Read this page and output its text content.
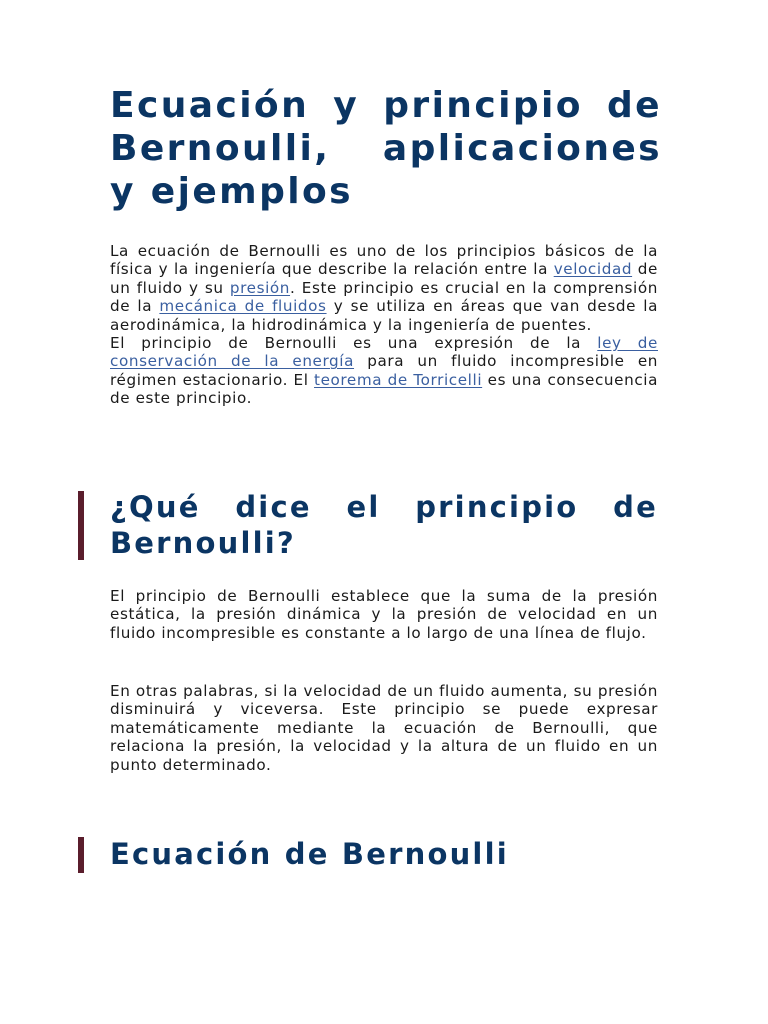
Ecuación y principio de Bernoulli, aplicaciones y ejemplos

La ecuación de Bernoulli es uno de los principios básicos de la física y la ingeniería que describe la relación entre la velocidad de un fluido y su presión. Este principio es crucial en la comprensión de la mecánica de fluidos y se utiliza en áreas que van desde la aerodinámica, la hidrodinámica y la ingeniería de puentes.
El principio de Bernoulli es una expresión de la ley de conservación de la energía para un fluido incompresible en régimen estacionario. El teorema de Torricelli es una consecuencia de este principio.

¿Qué dice el principio de Bernoulli?

El principio de Bernoulli establece que la suma de la presión estática, la presión dinámica y la presión de velocidad en un fluido incompresible es constante a lo largo de una línea de flujo.

En otras palabras, si la velocidad de un fluido aumenta, su presión disminuirá y viceversa. Este principio se puede expresar matemáticamente mediante la ecuación de Bernoulli, que relaciona la presión, la velocidad y la altura de un fluido en un punto determinado.

Ecuación de Bernoulli
